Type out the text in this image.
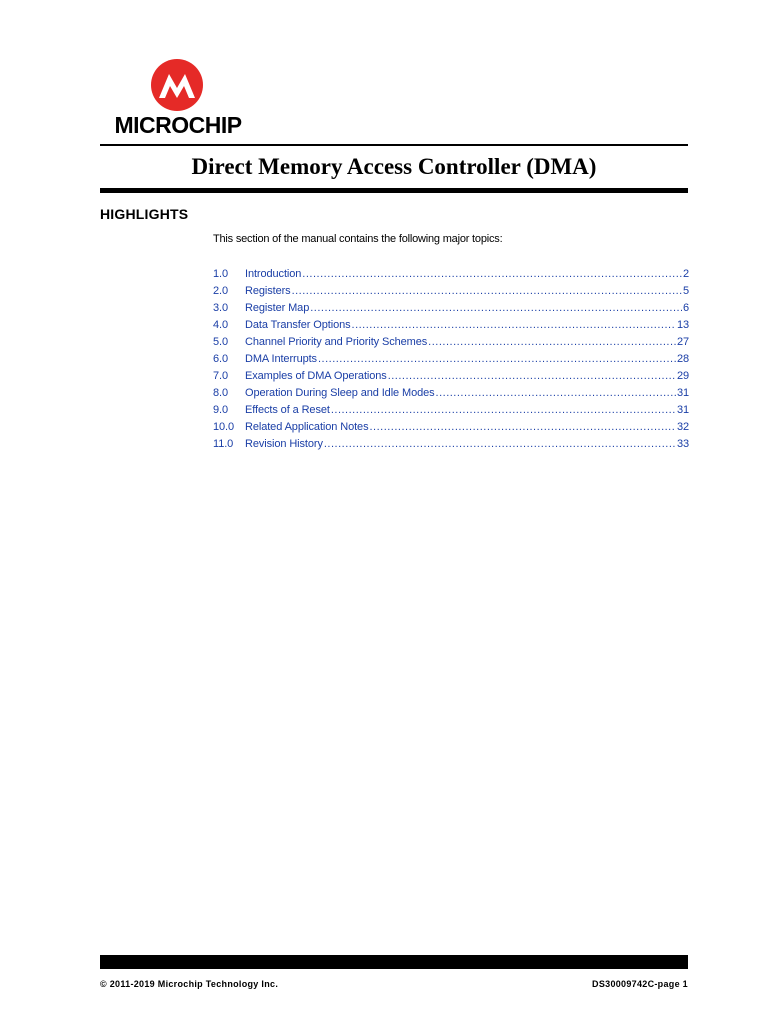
MICROCHIP
Direct Memory Access Controller (DMA)
HIGHLIGHTS

This section of the manual contains the following major topics:

1.0	Introduction .....	2
2.0	Registers .....	5
3.0	Register Map .....	6
4.0	Data Transfer Options .....	13
5.0	Channel Priority and Priority Schemes .....	27
6.0	DMA Interrupts .....	28
7.0	Examples of DMA Operations .....	29
8.0	Operation During Sleep and Idle Modes .....	31
9.0	Effects of a Reset .....	31
10.0 Related Application Notes .....	32
11.0	Revision History .....	33
© 2011-2019 Microchip Technology Inc.	DS30009742C-page 1
